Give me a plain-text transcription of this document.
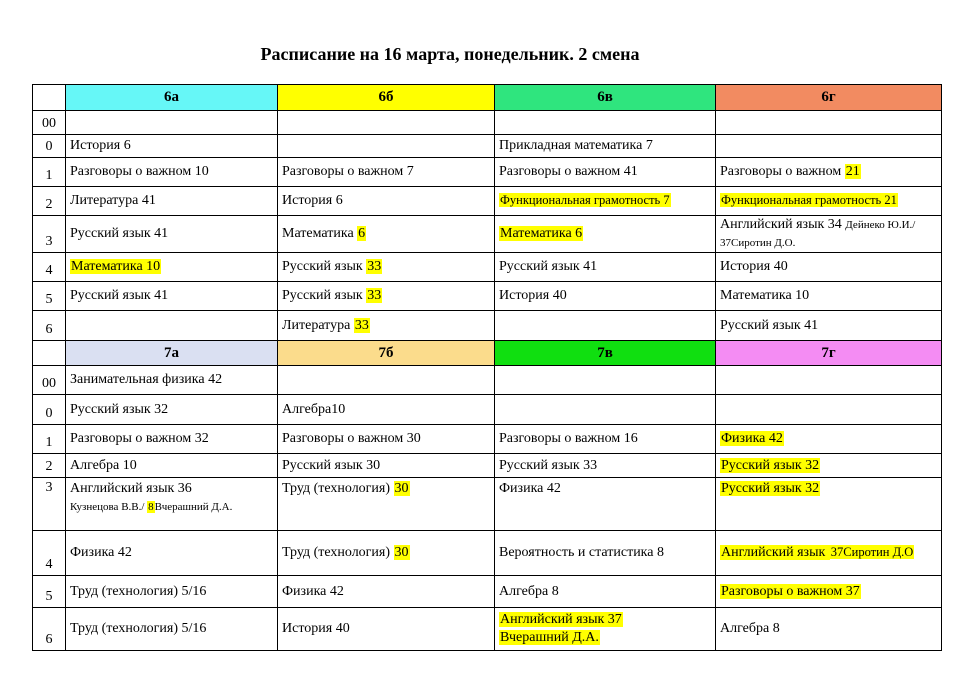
Расписание на 16 марта, понедельник. 2 смена
	6а	6б	6в	6г
00				
0	История 6		Прикладная математика 7	

1	Разговоры о важном 10	Разговоры о важном 7	Разговоры о важном 41	Разговоры о важном 21

2	Литература 41	История 6	Функциональная грамотность 7	Функциональная грамотность 21

3	Русский язык 41	Математика 6	Математика 6	Английский язык 34 Дейнеко Ю.И./
37Сиротин Д.О.

4	Математика 10	Русский язык 33	Русский язык 41	История 40

5	Русский язык 41	Русский язык 33	История 40	Математика 10

6		Литература 33		Русский язык 41

	7а	7б	7в	7г
00	Занимательная физика 42			

0	Русский язык 32	Алгебра10		

1	Разговоры о важном 32	Разговоры о важном 30	Разговоры о важном 16	Физика 42

2	Алгебра 10	Русский язык 30	Русский язык 33	Русский язык 32

3	Английский язык 36
Кузнецова В.В./ 8Вчерашний Д.А.	Труд (технология) 30	Физика 42	Русский язык 32

4	Физика 42	Труд (технология) 30	Вероятность и статистика 8	Английский язык 37Сиротин Д.О

5	Труд (технология) 5/16	Физика 42	Алгебра 8	Разговоры о важном 37

6	Труд (технология) 5/16	История 40	Английский язык 37
Вчерашний Д.А.	Алгебра 8
